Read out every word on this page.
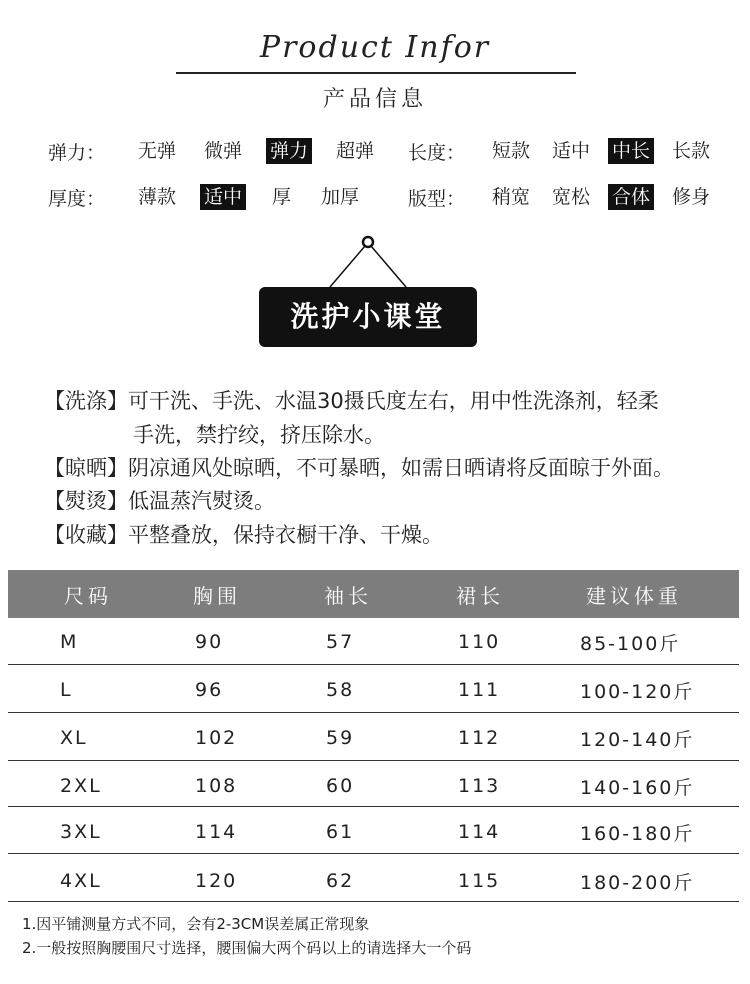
Product Infor
产品信息
弹力：	无弹 微弹 弹力 超弹 长度：	短款 适中 中长 长款
厚度：	薄款 适中 厚 加厚	版型：	稍宽 宽松 合体 修身
洗护小课堂
【洗涤】可干洗、手洗、水温30摄氏度左右，用中性洗涤剂，轻柔
手洗，禁拧绞，挤压除水。
【晾晒】阴凉通风处晾晒，不可暴晒，如需日晒请将反面晾于外面。
【熨烫】低温蒸汽熨烫。
【收藏】平整叠放，保持衣橱干净、干燥。
尺码	胸围	袖长	裙长	建议体重
M	90	57	110	85-100斤
L	96	58	111	100-120斤
XL	102	59	112	120-140斤
2XL	108	60	113	140-160斤
3XL	114	61	114	160-180斤
4XL	120	62	115	180-200斤
1.因平铺测量方式不同，会有2-3CM误差属正常现象
2.一般按照胸腰围尺寸选择，腰围偏大两个码以上的请选择大一个码
